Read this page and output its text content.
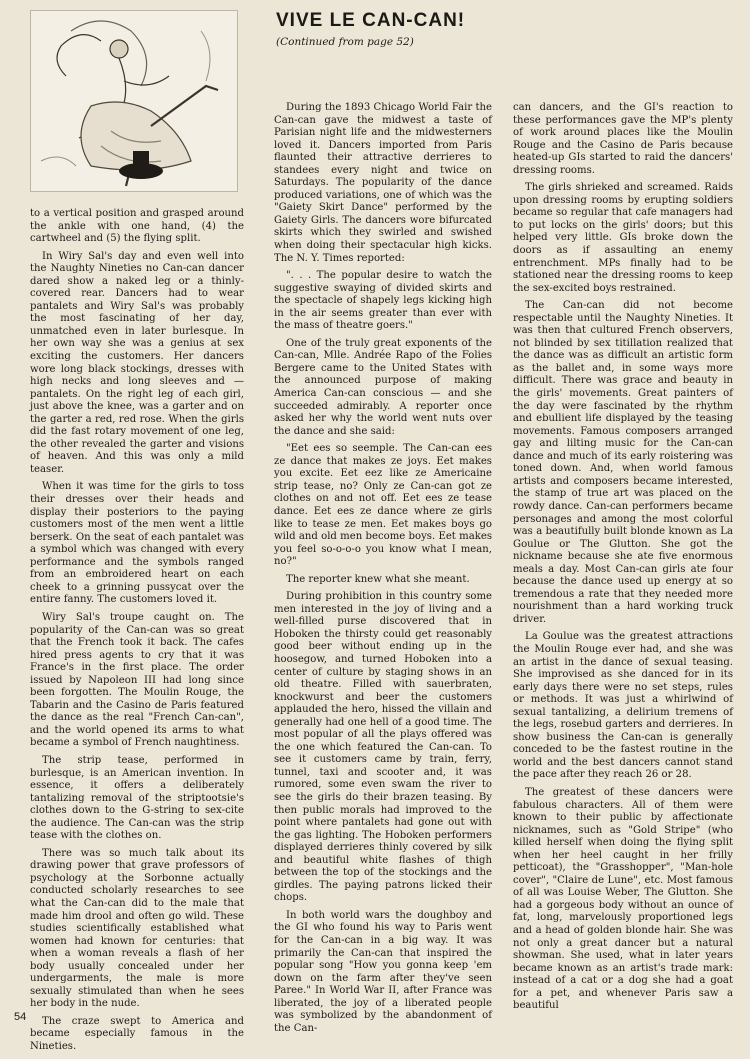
VIVE LE CAN-CAN!

(Continued from page 52)

to a vertical position and grasped around the ankle with one hand, (4) the cartwheel and (5) the flying split.

In Wiry Sal's day and even well into the Naughty Nineties no Can-can dancer dared show a naked leg or a thinly-covered rear. Dancers had to wear pantalets and Wiry Sal's was probably the most fascinating of her day, unmatched even in later burlesque. In her own way she was a genius at sex exciting the customers. Her dancers wore long black stockings, dresses with high necks and long sleeves and — pantalets. On the right leg of each girl, just above the knee, was a garter and on the garter a red, red rose. When the girls did the fast rotary movement of one leg, the other revealed the garter and visions of heaven. And this was only a mild teaser.

When it was time for the girls to toss their dresses over their heads and display their posteriors to the paying customers most of the men went a little berserk. On the seat of each pantalet was a symbol which was changed with every performance and the symbols ranged from an embroidered heart on each cheek to a grinning pussycat over the entire fanny. The customers loved it.

Wiry Sal's troupe caught on. The popularity of the Can-can was so great that the French took it back. The cafes hired press agents to cry that it was France's in the first place. The order issued by Napoleon III had long since been forgotten. The Moulin Rouge, the Tabarin and the Casino de Paris featured the dance as the real "French Can-can", and the world opened its arms to what became a symbol of French naughtiness.

The strip tease, performed in burlesque, is an American invention. In essence, it offers a deliberately tantalizing removal of the striptootsie's clothes down to the G-string to sex-cite the audience. The Can-can was the strip tease with the clothes on.

There was so much talk about its drawing power that grave professors of psychology at the Sorbonne actually conducted scholarly researches to see what the Can-can did to the male that made him drool and often go wild. These studies scientifically established what women had known for centuries: that when a woman reveals a flash of her body usually concealed under her undergarments, the male is more sexually stimulated than when he sees her body in the nude.

The craze swept to America and became especially famous in the Nineties.

During the 1893 Chicago World Fair the Can-can gave the midwest a taste of Parisian night life and the midwesterners loved it. Dancers imported from Paris flaunted their attractive derrieres to standees every night and twice on Saturdays. The popularity of the dance produced variations, one of which was the "Gaiety Skirt Dance" performed by the Gaiety Girls. The dancers wore bifurcated skirts which they swirled and swished when doing their spectacular high kicks. The N. Y. Times reported:

". . . The popular desire to watch the suggestive swaying of divided skirts and the spectacle of shapely legs kicking high in the air seems greater than ever with the mass of theatre goers."

One of the truly great exponents of the Can-can, Mlle. Andrée Rapo of the Folies Bergere came to the United States with the announced purpose of making America Can-can conscious — and she succeeded admirably. A reporter once asked her why the world went nuts over the dance and she said:

"Eet ees so seemple. The Can-can ees ze dance that makes ze joys. Eet makes you excite. Eet eez like ze Americaine strip tease, no? Only ze Can-can got ze clothes on and not off. Eet ees ze tease dance. Eet ees ze dance where ze girls like to tease ze men. Eet makes boys go wild and old men become boys. Eet makes you feel so-o-o-o you know what I mean, no?"

The reporter knew what she meant.

During prohibition in this country some men interested in the joy of living and a well-filled purse discovered that in Hoboken the thirsty could get reasonably good beer without ending up in the hoosegow, and turned Hoboken into a center of culture by staging shows in an old theatre. Filled with sauerbraten, knockwurst and beer the customers applauded the hero, hissed the villain and generally had one hell of a good time. The most popular of all the plays offered was the one which featured the Can-can. To see it customers came by train, ferry, tunnel, taxi and scooter and, it was rumored, some even swam the river to see the girls do their brazen teasing. By then public morals had improved to the point where pantalets had gone out with the gas lighting. The Hoboken performers displayed derrieres thinly covered by silk and beautiful white flashes of thigh between the top of the stockings and the girdles. The paying patrons licked their chops.

In both world wars the doughboy and the GI who found his way to Paris went for the Can-can in a big way. It was primarily the Can-can that inspired the popular song "How you gonna keep 'em down on the farm after they've seen Paree." In World War II, after France was liberated, the joy of a liberated people was symbolized by the abandonment of the Can-

can dancers, and the GI's reaction to these performances gave the MP's plenty of work around places like the Moulin Rouge and the Casino de Paris because heated-up GIs started to raid the dancers' dressing rooms.

The girls shrieked and screamed. Raids upon dressing rooms by erupting soldiers became so regular that cafe managers had to put locks on the girls' doors; but this helped very little. GIs broke down the doors as if assaulting an enemy entrenchment. MPs finally had to be stationed near the dressing rooms to keep the sex-excited boys restrained.

The Can-can did not become respectable until the Naughty Nineties. It was then that cultured French observers, not blinded by sex titillation realized that the dance was as difficult an artistic form as the ballet and, in some ways more difficult. There was grace and beauty in the girls' movements. Great painters of the day were fascinated by the rhythm and ebullient life displayed by the teasing movements. Famous composers arranged gay and lilting music for the Can-can dance and much of its early roistering was toned down. And, when world famous artists and composers became interested, the stamp of true art was placed on the rowdy dance. Can-can performers became personages and among the most colorful was a beautifully built blonde known as La Goulue or The Glutton. She got the nickname because she ate five enormous meals a day. Most Can-can girls ate four because the dance used up energy at so tremendous a rate that they needed more nourishment than a hard working truck driver.

La Goulue was the greatest attractions the Moulin Rouge ever had, and she was an artist in the dance of sexual teasing. She improvised as she danced for in its early days there were no set steps, rules or methods. It was just a whirlwind of sexual tantalizing, a delirium tremens of the legs, rosebud garters and derrieres. In show business the Can-can is generally conceded to be the fastest routine in the world and the best dancers cannot stand the pace after they reach 26 or 28.

The greatest of these dancers were fabulous characters. All of them were known to their public by affectionate nicknames, such as "Gold Stripe" (who killed herself when doing the flying split when her heel caught in her frilly petticoat), the "Grasshopper", "Man-hole cover", "Claire de Lune", etc. Most famous of all was Louise Weber, The Glutton. She had a gorgeous body without an ounce of fat, long, marvelously proportioned legs and a head of golden blonde hair. She was not only a great dancer but a natural showman. She used, what in later years became known as an artist's trade mark: instead of a cat or a dog she had a goat for a pet, and whenever Paris saw a beautiful

54
